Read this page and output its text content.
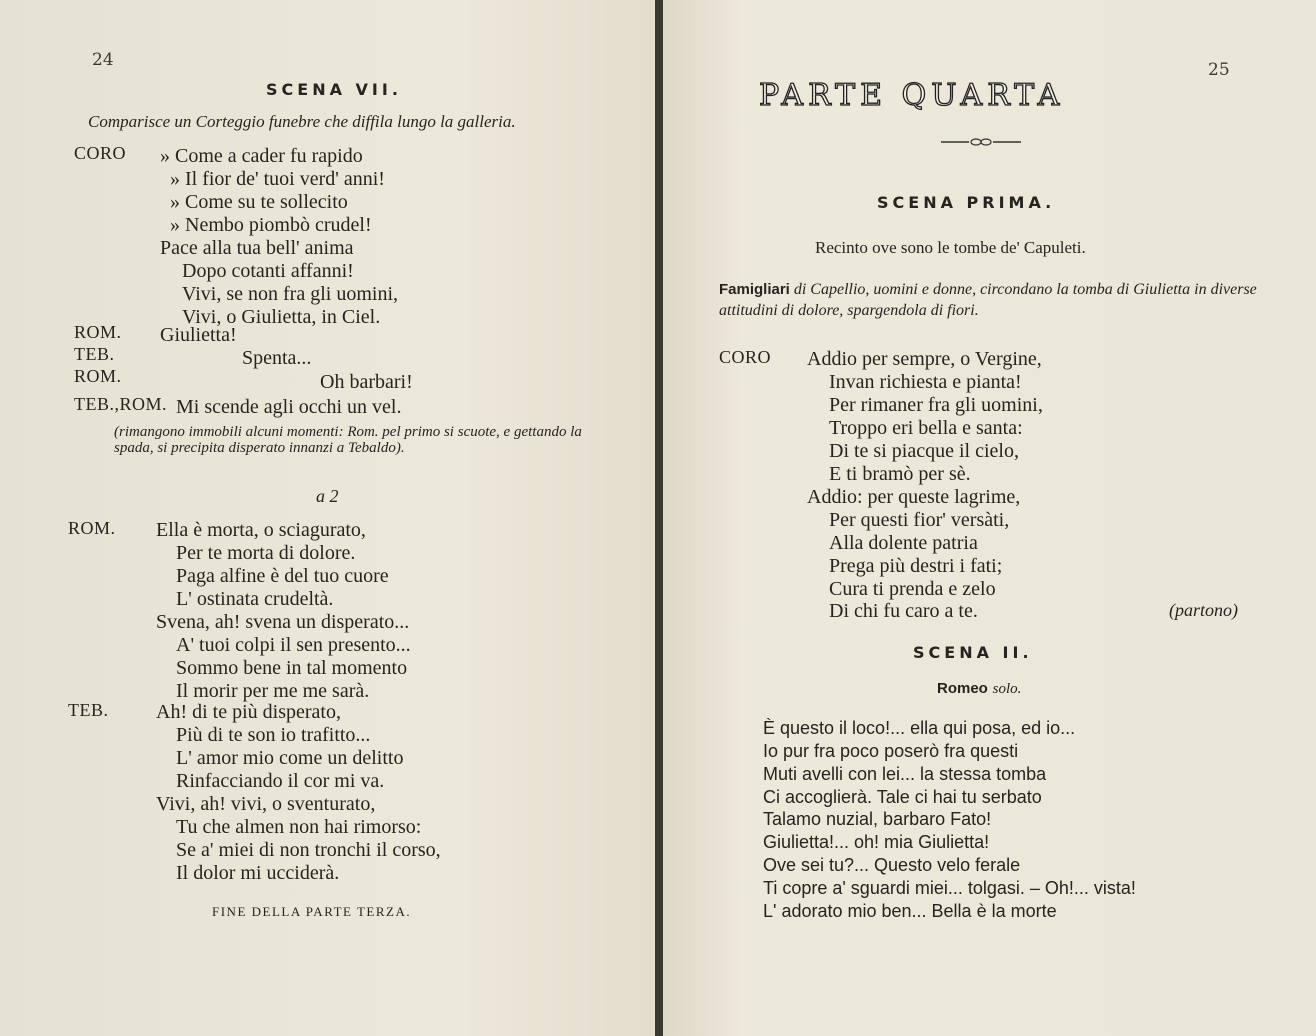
24
SCENA VII.
Comparisce un Corteggio funebre che diffila lungo la galleria.
CORO » Come a cader fu rapido
» Il fior de' tuoi verd' anni!
» Come su te sollecito
» Nembo piombò crudel!
Pace alla tua bell' anima
Dopo cotanti affanni!
Vivi, se non fra gli uomini,
Vivi, o Giulietta, in Ciel.
ROM. Giulietta!
TEB.	Spenta...
ROM.	Oh barbari!
TEB.,ROM. Mi scende agli occhi un vel.
(rimangono immobili alcuni momenti: Rom. pel primo si scuote, e gettando la spada, si precipita disperato innanzi a Tebaldo).
a 2
ROM. Ella è morta, o sciagurato,
Per te morta di dolore.
Paga alfine è del tuo cuore
L' ostinata crudeltà.
Svena, ah! svena un disperato...
A' tuoi colpi il sen presento...
Sommo bene in tal momento
Il morir per me me sarà.
TEB. Ah! di te più disperato,
Più di te son io trafitto...
L' amor mio come un delitto
Rinfacciando il cor mi va.
Vivi, ah! vivi, o sventurato,
Tu che almen non hai rimorso:
Se a' miei di non tronchi il corso,
Il dolor mi ucciderà.
FINE DELLA PARTE TERZA.
25
PARTE QUARTA
SCENA PRIMA.
Recinto ove sono le tombe de' Capuleti.
Famigliari di Capellio, uomini e donne, circondano la tomba di Giulietta in diverse attitudini di dolore, spargendola di fiori.
CORO Addio per sempre, o Vergine,
Invan richiesta e pianta!
Per rimaner fra gli uomini,
Troppo eri bella e santa:
Di te si piacque il cielo,
E ti bramò per sè.
Addio: per queste lagrime,
Per questi fior' versàti,
Alla dolente patria
Prega più destri i fati;
Cura ti prenda e zelo
Di chi fu caro a te.	(partono)
SCENA II.
Romeo solo.
È questo il loco!... ella qui posa, ed io...
Io pur fra poco poserò fra questi
Muti avelli con lei... la stessa tomba
Ci accoglierà. Tale ci hai tu serbato
Talamo nuzial, barbaro Fato!
Giulietta!... oh! mia Giulietta!
Ove sei tu?... Questo velo ferale
Ti copre a' sguardi miei... tolgasi. – Oh!... vista!
L' adorato mio ben... Bella è la morte
